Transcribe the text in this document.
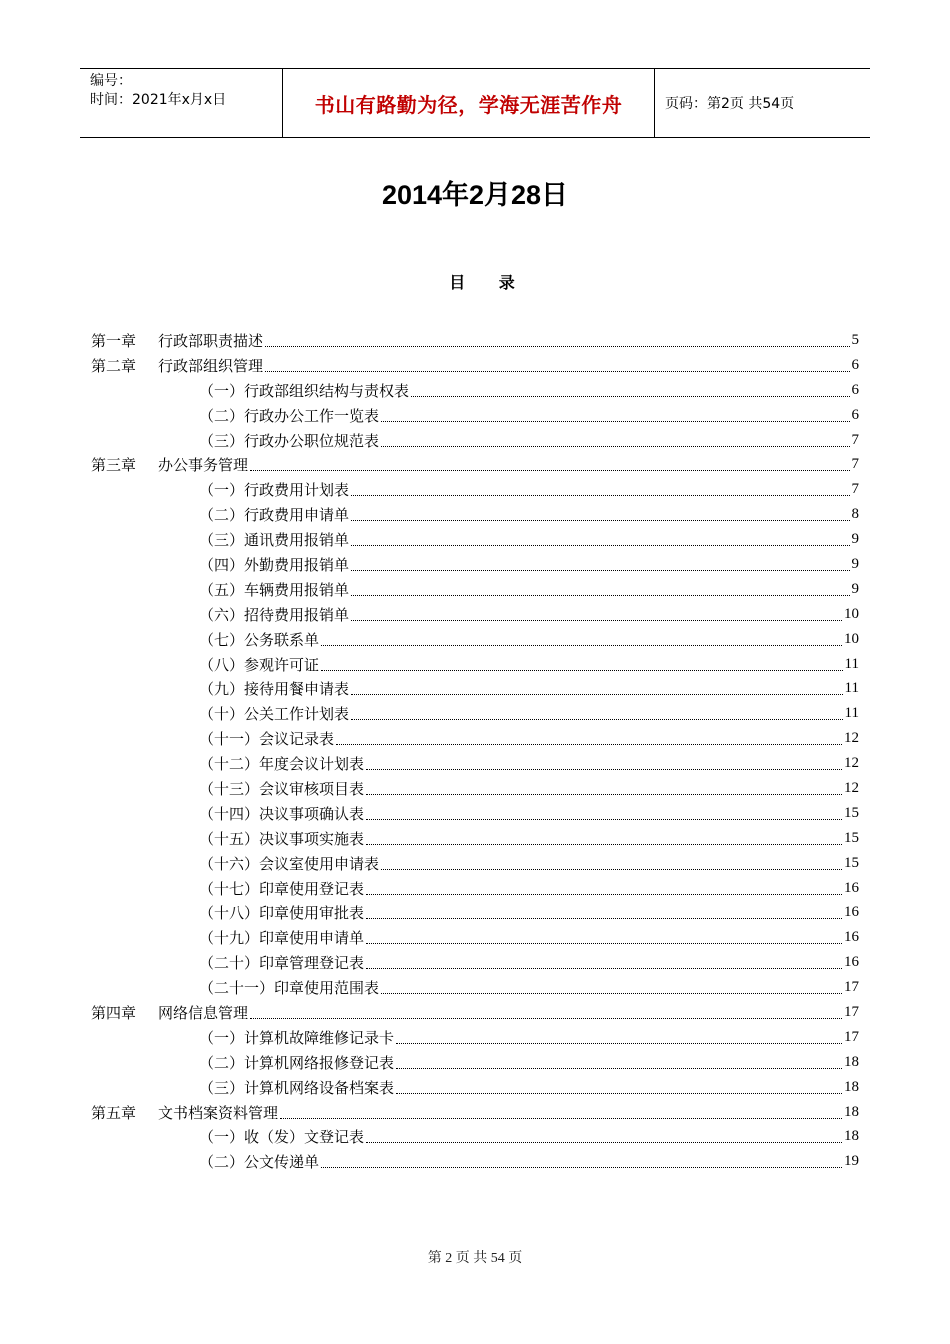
编号：
时间：2021年x月x日	书山有路勤为径，学海无涯苦作舟	页码：第2页 共54页
2014年2月28日
目 录
第一章 行政部职责描述	5
第二章 行政部组织管理	6
（一）行政部组织结构与责权表	6
（二）行政办公工作一览表	6
（三）行政办公职位规范表	7
第三章 办公事务管理	7
（一）行政费用计划表	7
（二）行政费用申请单	8
（三）通讯费用报销单	9
（四）外勤费用报销单	9
（五）车辆费用报销单	9
（六）招待费用报销单	10
（七）公务联系单	10
（八）参观许可证	11
（九）接待用餐申请表	11
（十）公关工作计划表	11
（十一）会议记录表	12
（十二）年度会议计划表	12
（十三）会议审核项目表	12
（十四）决议事项确认表	15
（十五）决议事项实施表	15
（十六）会议室使用申请表	15
（十七）印章使用登记表	16
（十八）印章使用审批表	16
（十九）印章使用申请单	16
（二十）印章管理登记表	16
（二十一）印章使用范围表	17
第四章 网络信息管理	17
（一）计算机故障维修记录卡	17
（二）计算机网络报修登记表	18
（三）计算机网络设备档案表	18
第五章 文书档案资料管理	18
（一）收（发）文登记表	18
（二）公文传递单	19
第 2 页 共 54 页
